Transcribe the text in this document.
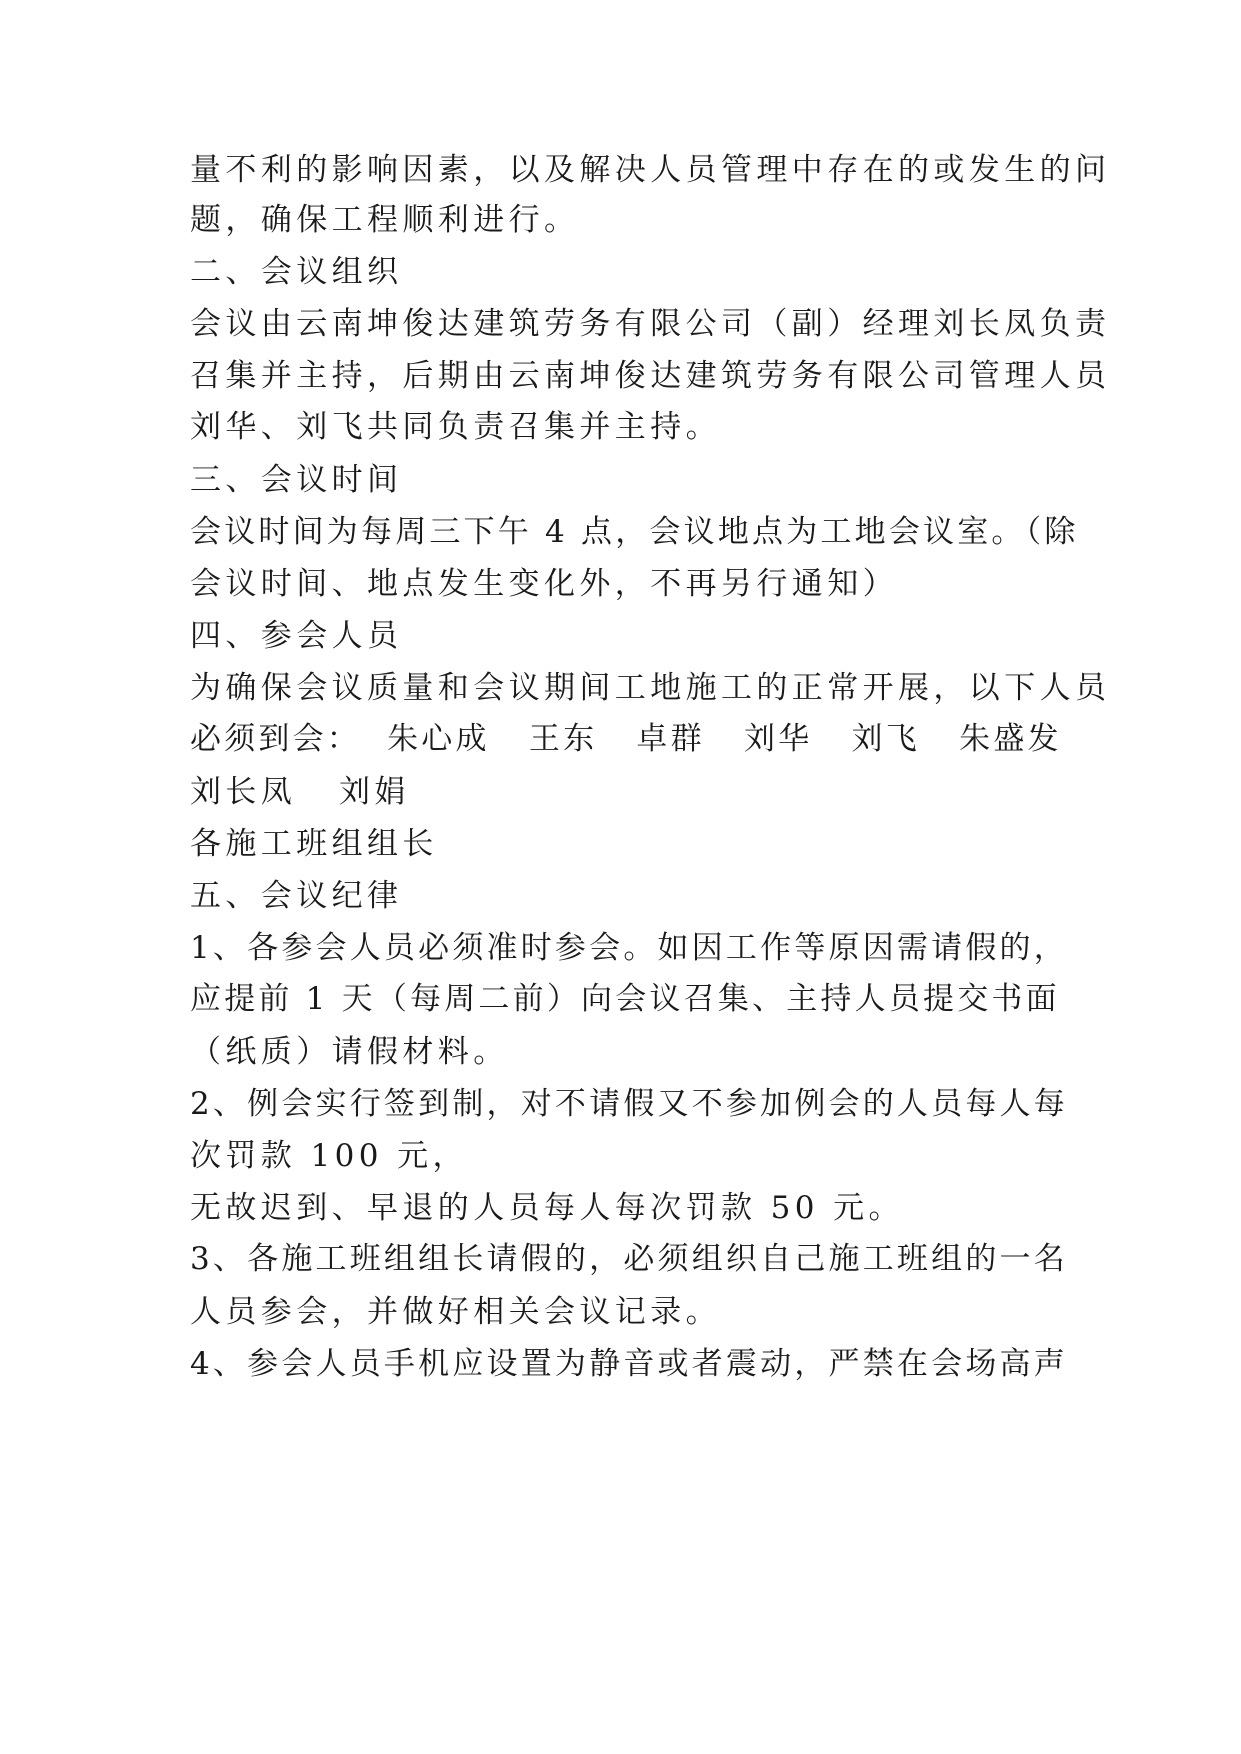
量不利的影响因素，以及解决人员管理中存在的或发生的问

题，确保工程顺利进行。

二、会议组织

会议由云南坤俊达建筑劳务有限公司（副）经理刘长凤负责

召集并主持，后期由云南坤俊达建筑劳务有限公司管理人员

刘华、刘飞共同负责召集并主持。

三、会议时间

会议时间为每周三下午 4 点，会议地点为工地会议室。（除

会议时间、地点发生变化外，不再另行通知）

四、参会人员

为确保会议质量和会议期间工地施工的正常开展，以下人员

必须到会：  朱心成   王东   卓群   刘华   刘飞   朱盛发

刘长凤   刘娟

各施工班组组长

五、会议纪律

1、各参会人员必须准时参会。如因工作等原因需请假的，

应提前 1 天（每周二前）向会议召集、主持人员提交书面

（纸质）请假材料。

2、例会实行签到制，对不请假又不参加例会的人员每人每

次罚款 100 元，

无故迟到、早退的人员每人每次罚款 50 元。

3、各施工班组组长请假的，必须组织自己施工班组的一名

人员参会，并做好相关会议记录。

4、参会人员手机应设置为静音或者震动，严禁在会场高声
